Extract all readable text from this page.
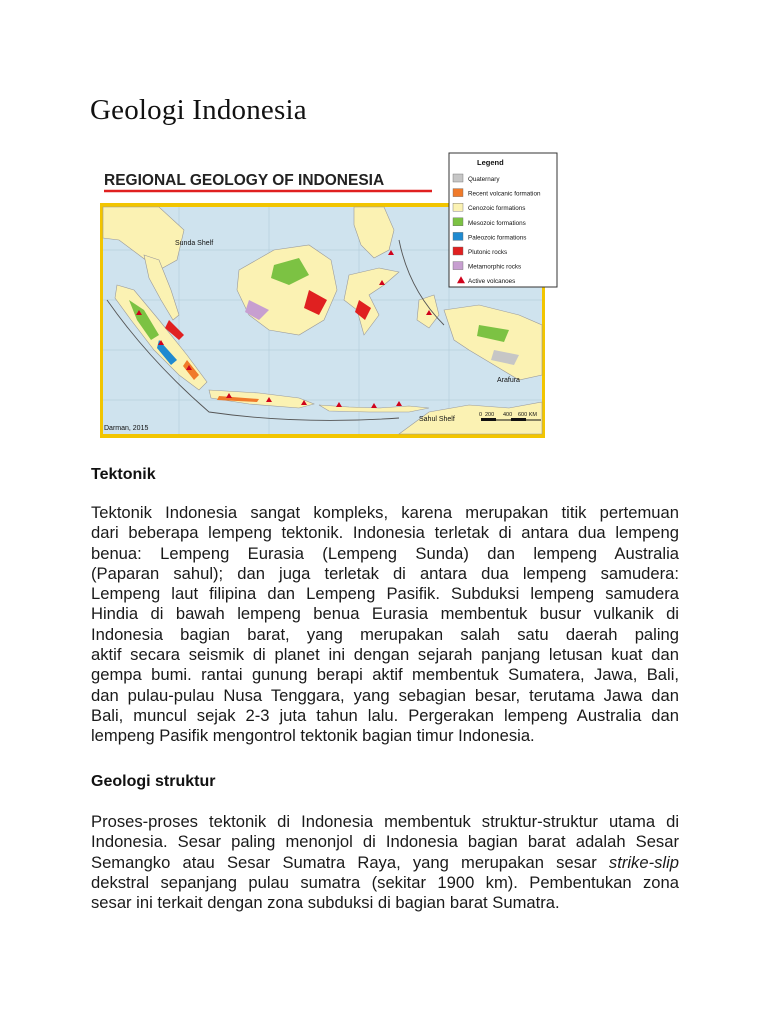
Geologi Indonesia
REGIONAL GEOLOGY OF INDONESIA
Sunda Shelf
Arafura
Sahul Shelf
Darman, 2015
0 200 400 600 KM
Legend
Quaternary
Recent volcanic formation
Cenozoic formations
Mesozoic formations
Paleozoic formations
Plutonic rocks
Metamorphic rocks
Active volcanoes
Tektonik
Tektonik Indonesia sangat kompleks, karena merupakan titik pertemuan
dari beberapa lempeng tektonik. Indonesia terletak di antara dua lempeng
benua: Lempeng Eurasia (Lempeng Sunda) dan lempeng Australia
(Paparan sahul); dan juga terletak di antara dua lempeng samudera:
Lempeng laut filipina dan Lempeng Pasifik. Subduksi lempeng samudera
Hindia di bawah lempeng benua Eurasia membentuk busur vulkanik di
Indonesia bagian barat, yang merupakan salah satu daerah paling
aktif secara seismik di planet ini dengan sejarah panjang letusan kuat dan
gempa bumi. rantai gunung berapi aktif membentuk Sumatera, Jawa, Bali,
dan pulau-pulau Nusa Tenggara, yang sebagian besar, terutama Jawa dan
Bali, muncul sejak 2-3 juta tahun lalu. Pergerakan lempeng Australia dan
lempeng Pasifik mengontrol tektonik bagian timur Indonesia.
Geologi struktur
Proses-proses tektonik di Indonesia membentuk struktur-struktur utama di
Indonesia. Sesar paling menonjol di Indonesia bagian barat adalah Sesar
Semangko atau Sesar Sumatra Raya, yang merupakan sesar strike-slip
dekstral sepanjang pulau sumatra (sekitar 1900 km). Pembentukan zona
sesar ini terkait dengan zona subduksi di bagian barat Sumatra.
